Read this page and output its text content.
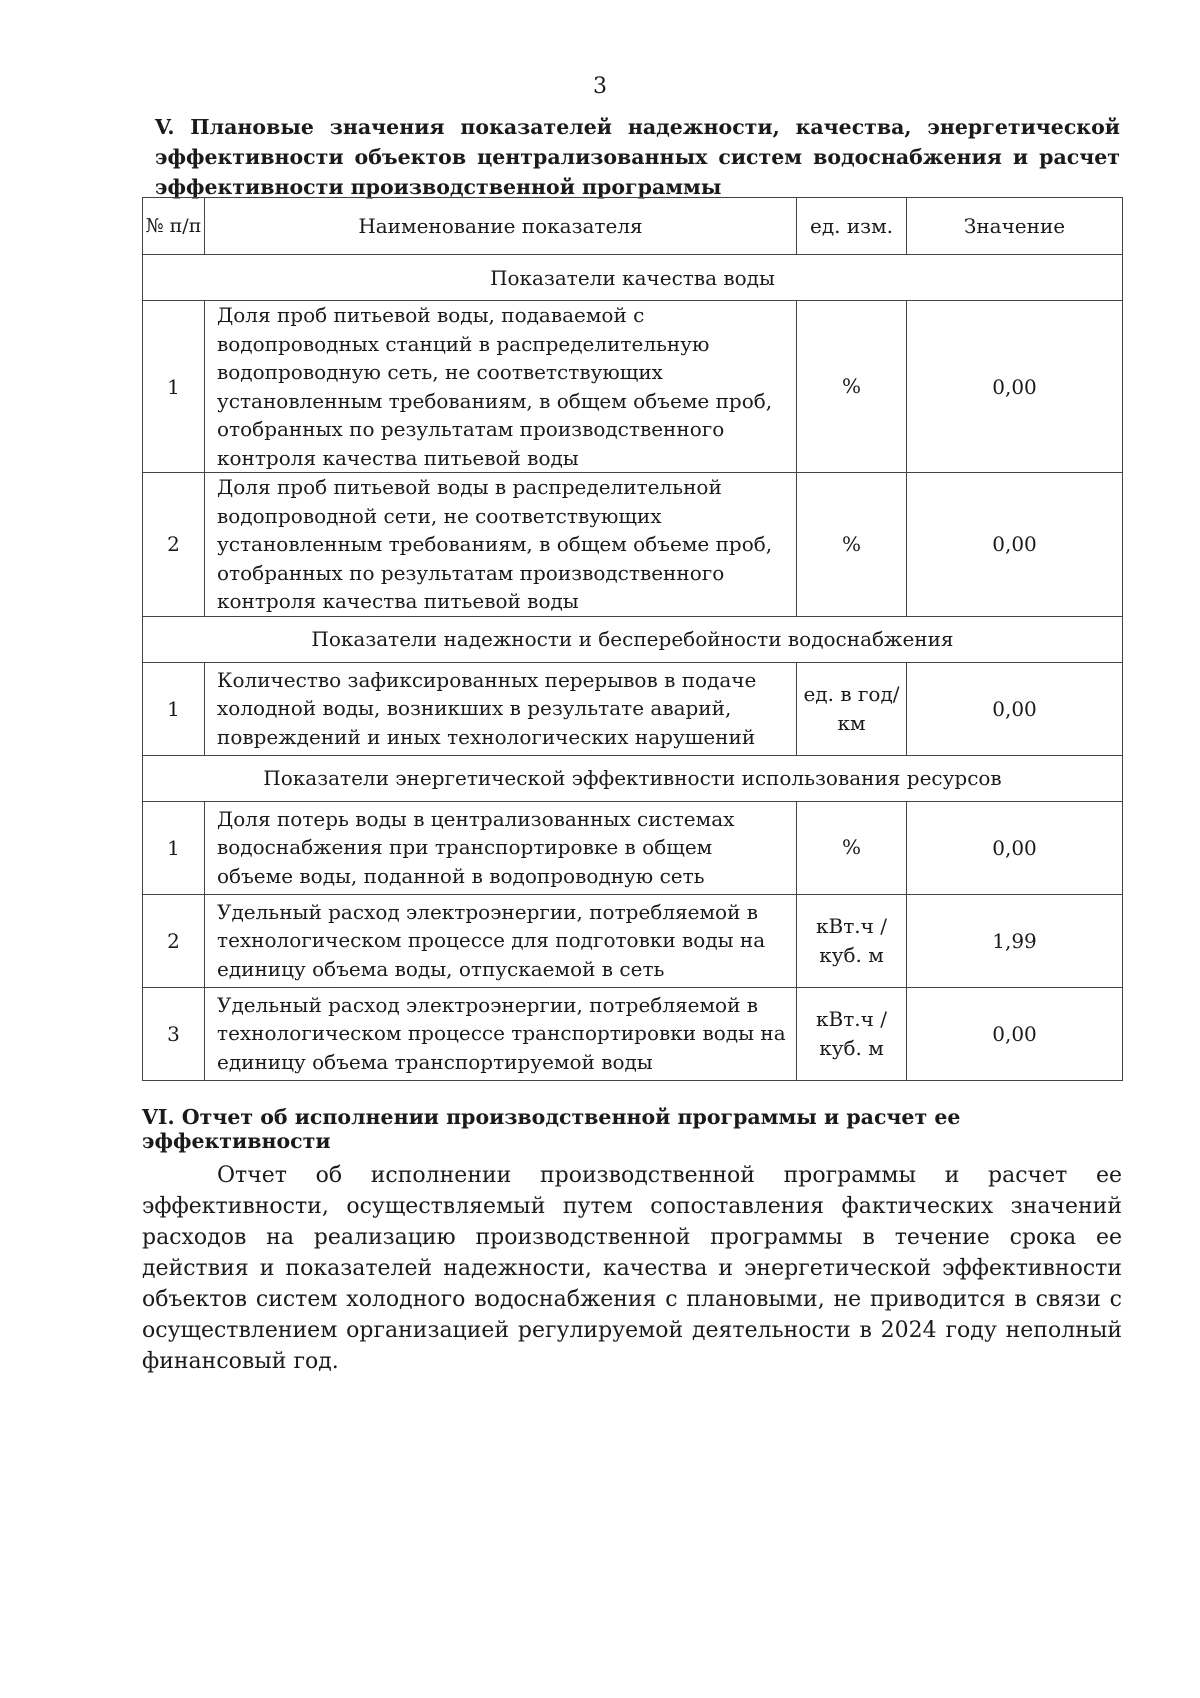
3
V. Плановые значения показателей надежности, качества, энергетической эффективности объектов централизованных систем водоснабжения и расчет эффективности производственной программы
№ п/п	Наименование показателя	ед. изм.	Значение
Показатели качества воды			
1	Доля проб питьевой воды, подаваемой с водопроводных станций в распределительную водопроводную сеть, не соответствующих установленным требованиям, в общем объеме проб, отобранных по результатам производственного контроля качества питьевой воды	%	0,00
2	Доля проб питьевой воды в распределительной водопроводной сети, не соответствующих установленным требованиям, в общем объеме проб, отобранных по результатам производственного контроля качества питьевой воды	%	0,00
Показатели надежности и бесперебойности водоснабжения			
1	Количество зафиксированных перерывов в подаче холодной воды, возникших в результате аварий, повреждений и иных технологических нарушений	ед. в год/ км	0,00
Показатели энергетической эффективности использования ресурсов			
1	Доля потерь воды в централизованных системах водоснабжения при транспортировке в общем объеме воды, поданной в водопроводную сеть	%	0,00
2	Удельный расход электроэнергии, потребляемой в технологическом процессе для подготовки воды на единицу объема воды, отпускаемой в сеть	кВт.ч / куб. м	1,99
3	Удельный расход электроэнергии, потребляемой в технологическом процессе транспортировки воды на единицу объема транспортируемой воды	кВт.ч / куб. м	0,00
VI. Отчет об исполнении производственной программы и расчет ее эффективности
Отчет об исполнении производственной программы и расчет ее эффективности, осуществляемый путем сопоставления фактических значений расходов на реализацию производственной программы в течение срока ее действия и показателей надежности, качества и энергетической эффективности объектов систем холодного водоснабжения с плановыми, не приводится в связи с осуществлением организацией регулируемой деятельности в 2024 году неполный финансовый год.
